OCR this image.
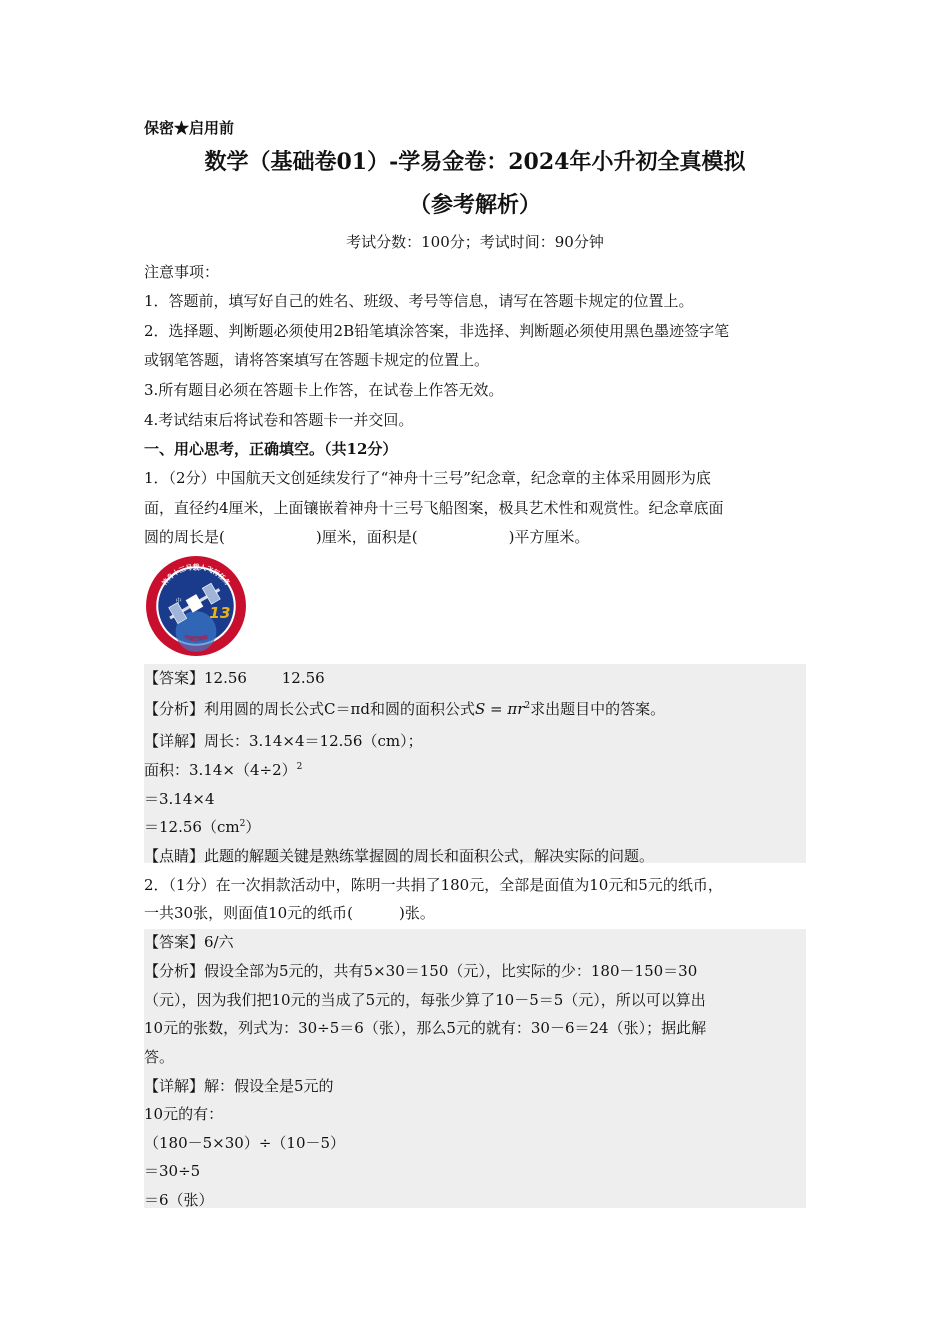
保密★启用前
数学（基础卷01）-学易金卷：2024年小升初全真模拟
（参考解析）
考试分数：100分；考试时间：90分钟
注意事项：
1．答题前，填写好自己的姓名、班级、考号等信息，请写在答题卡规定的位置上。
2．选择题、判断题必须使用2B铅笔填涂答案，非选择、判断题必须使用黑色墨迹签字笔
或钢笔答题，请将答案填写在答题卡规定的位置上。
3.所有题目必须在答题卡上作答，在试卷上作答无效。
4.考试结束后将试卷和答题卡一并交回。
一、用心思考，正确填空。（共12分）
1．（2分）中国航天文创延续发行了“神舟十三号”纪念章，纪念章的主体采用圆形为底
面，直径约4厘米，上面镶嵌着神舟十三号飞船图案，极具艺术性和观赏性。纪念章底面
圆的周长是(	)厘米，面积是(	)平方厘米。
神舟十三号载人飞行任务
13
中
中国空间站
【答案】12.56　　 12.56
【分析】利用圆的周长公式C＝πd和圆的面积公式$S = \pi r^2$求出题目中的答案。
【详解】周长：3.14×4＝12.56（cm）；
面积：$3.14\times(4\div 2)^2$
＝3.14×4
$=12.56(cm^2)$
【点睛】此题的解题关键是熟练掌握圆的周长和面积公式，解决实际的问题。
2．（1分）在一次捐款活动中，陈明一共捐了180元，全部是面值为10元和5元的纸币，
一共30张，则面值10元的纸币(	)张。
【答案】6/六
【分析】假设全部为5元的，共有5×30＝150（元），比实际的少：180－150＝30
（元），因为我们把10元的当成了5元的，每张少算了10－5＝5（元），所以可以算出
10元的张数，列式为：30÷5＝6（张），那么5元的就有：30－6＝24（张）；据此解
答。
【详解】解：假设全是5元的
10元的有：
（180－5×30）÷（10－5）
＝30÷5
＝6（张）
